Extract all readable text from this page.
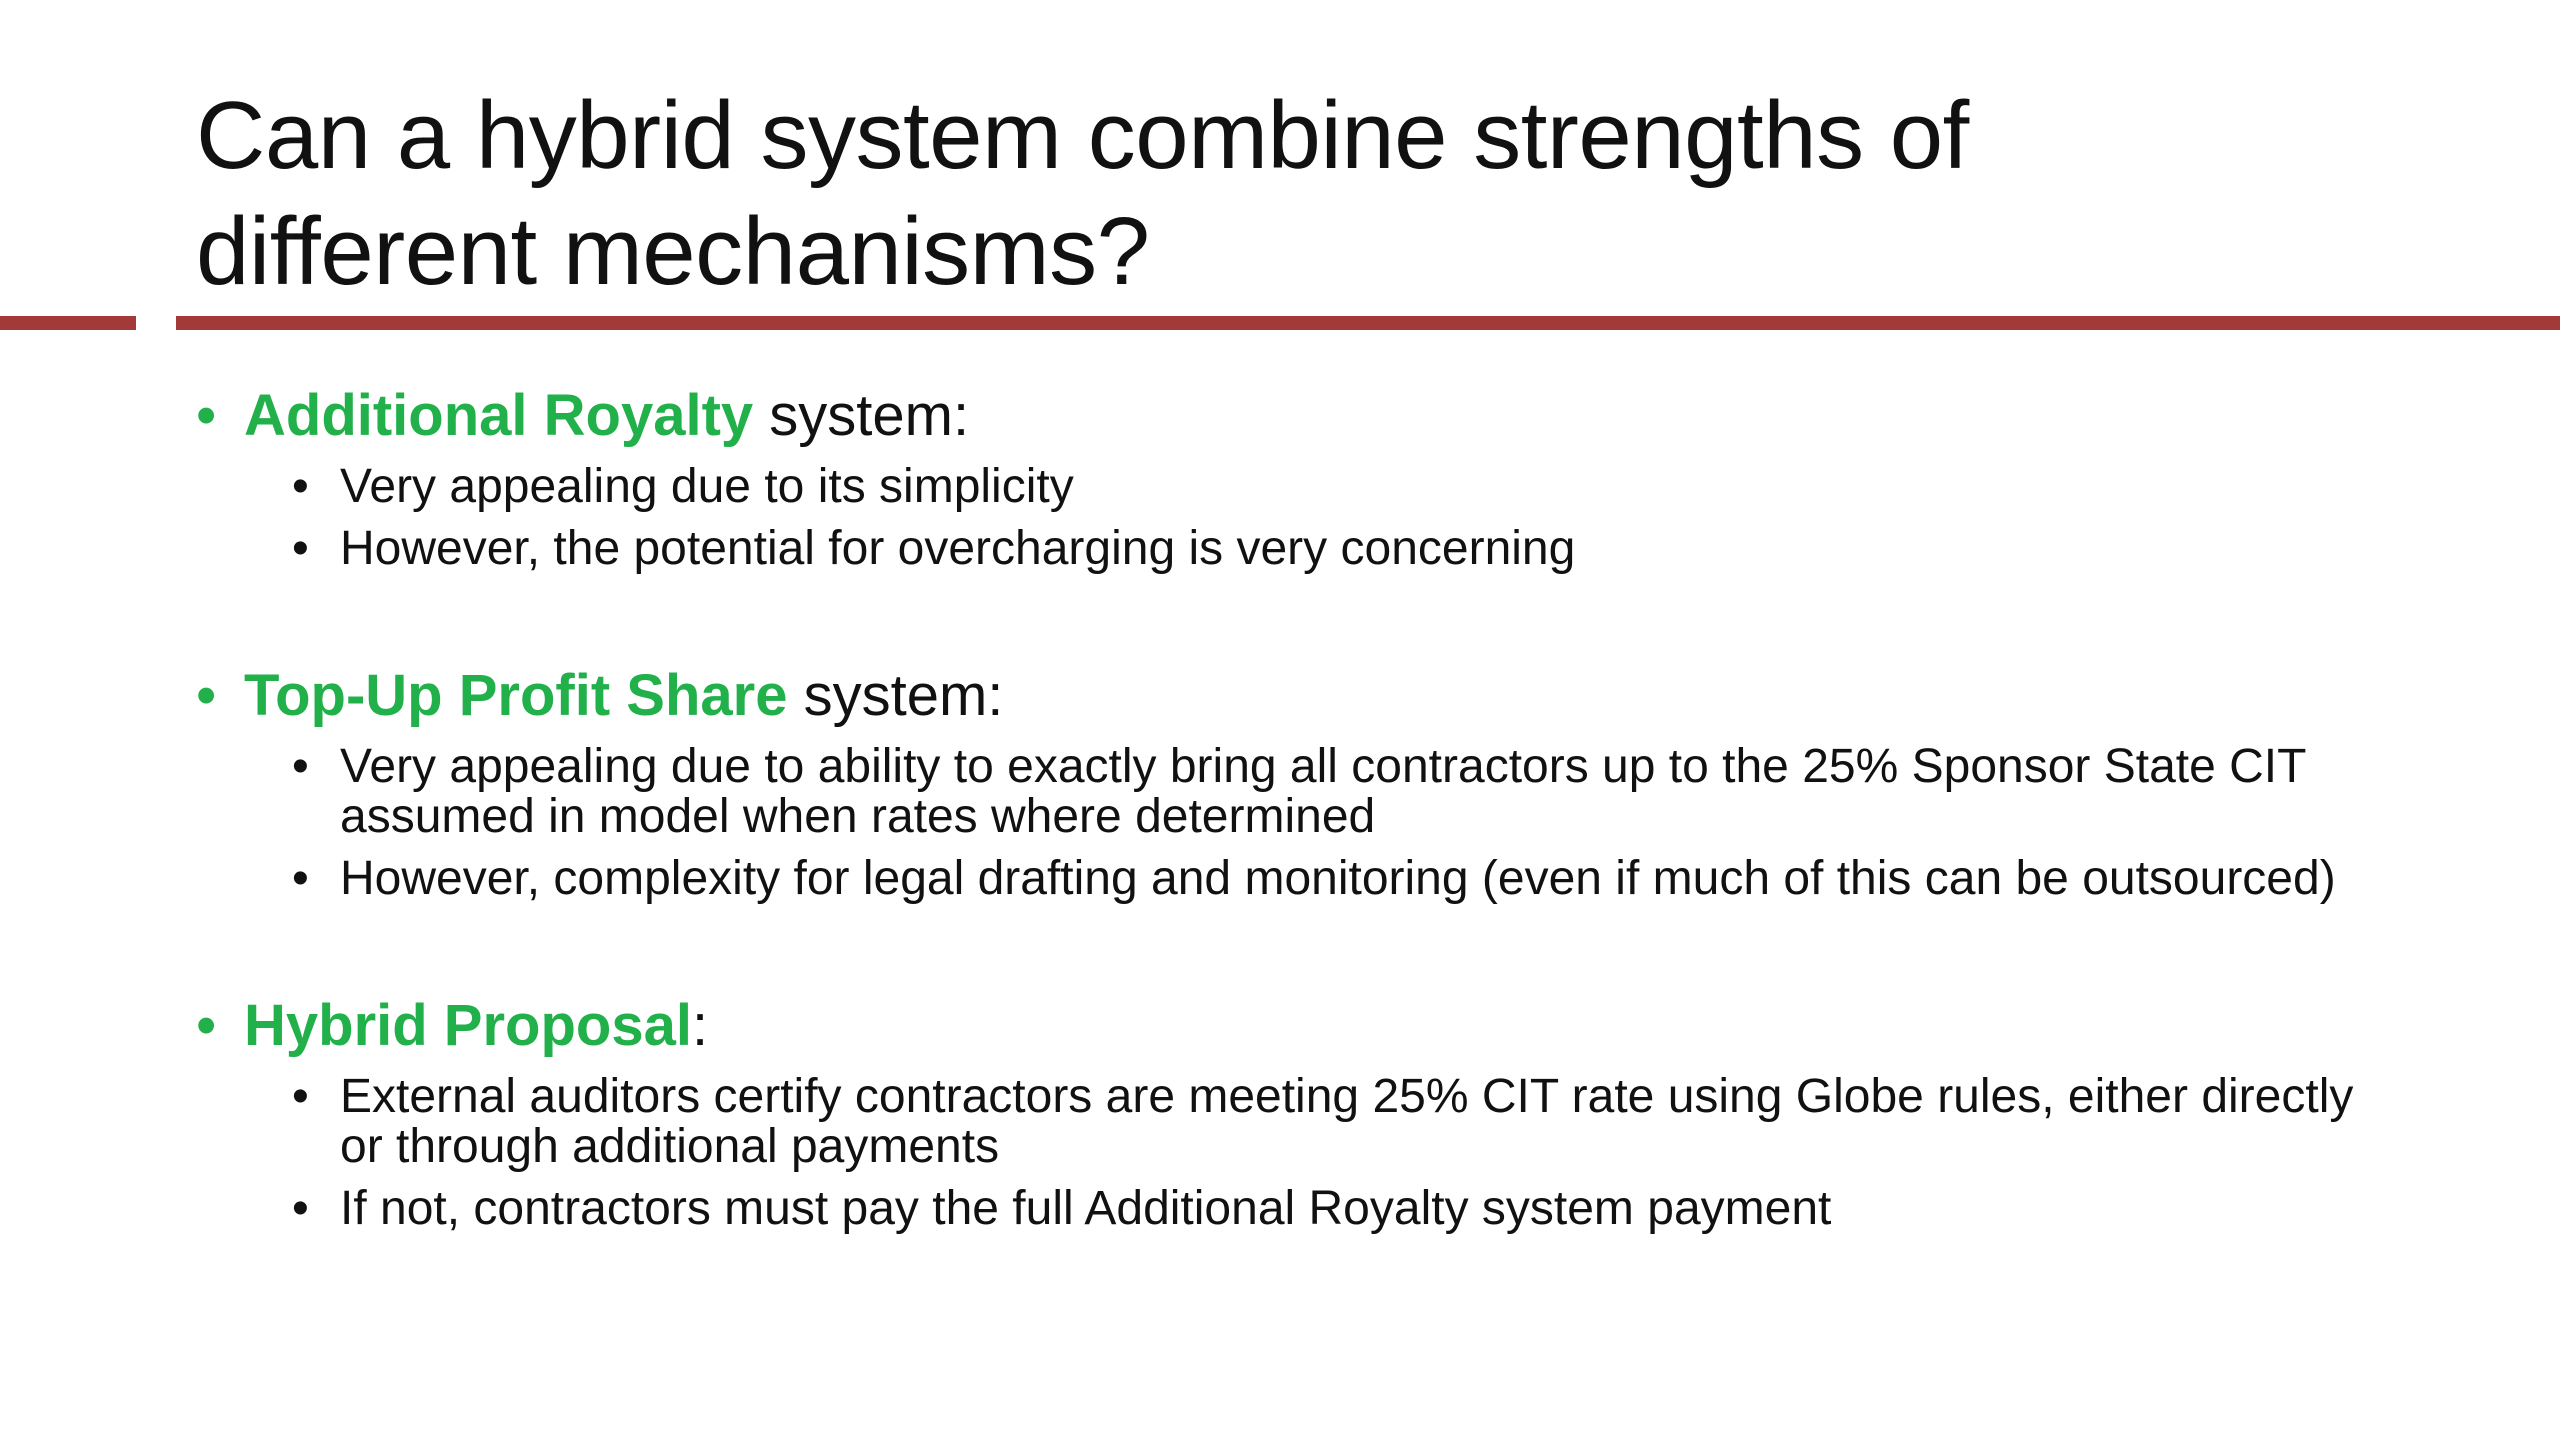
Can a hybrid system combine strengths of
different mechanisms?
• Additional Royalty system:
• Very appealing due to its simplicity
• However, the potential for overcharging is very concerning
• Top-Up Profit Share system:
• Very appealing due to ability to exactly bring all contractors up to the 25% Sponsor State CIT assumed in model when rates where determined
• However, complexity for legal drafting and monitoring (even if much of this can be outsourced)
• Hybrid Proposal:
• External auditors certify contractors are meeting 25% CIT rate using Globe rules, either directly or through additional payments
• If not, contractors must pay the full Additional Royalty system payment
